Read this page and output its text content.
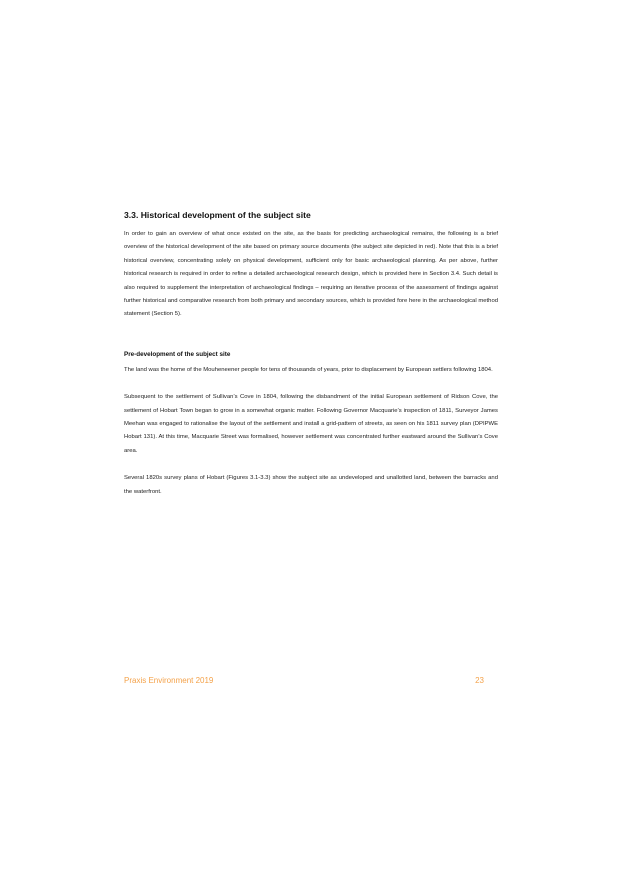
3.3. Historical development of the subject site

In order to gain an overview of what once existed on the site, as the basis for predicting archaeological remains, the following is a brief overview of the historical development of the site based on primary source documents (the subject site depicted in red). Note that this is a brief historical overview, concentrating solely on physical development, sufficient only for basic archaeological planning. As per above, further historical research is required in order to refine a detailed archaeological research design, which is provided here in Section 3.4. Such detail is also required to supplement the interpretation of archaeological findings – requiring an iterative process of the assessment of findings against further historical and comparative research from both primary and secondary sources, which is provided fore here in the archaeological method statement (Section 5).

Pre-development of the subject site

The land was the home of the Mouheneener people for tens of thousands of years, prior to displacement by European settlers following 1804.

Subsequent to the settlement of Sullivan’s Cove in 1804, following the disbandment of the initial European settlement of Ridson Cove, the settlement of Hobart Town began to grow in a somewhat organic matter. Following Governor Macquarie’s inspection of 1811, Surveyor James Meehan was engaged to rationalise the layout of the settlement and install a grid-pattern of streets, as seen on his 1811 survey plan (DPIPWE Hobart 131). At this time, Macquarie Street was formalised, however settlement was concentrated further eastward around the Sullivan’s Cove area.

Several 1820s survey plans of Hobart (Figures 3.1-3.3) show the subject site as undeveloped and unallotted land, between the barracks and the waterfront.

Praxis Environment 2019	23
